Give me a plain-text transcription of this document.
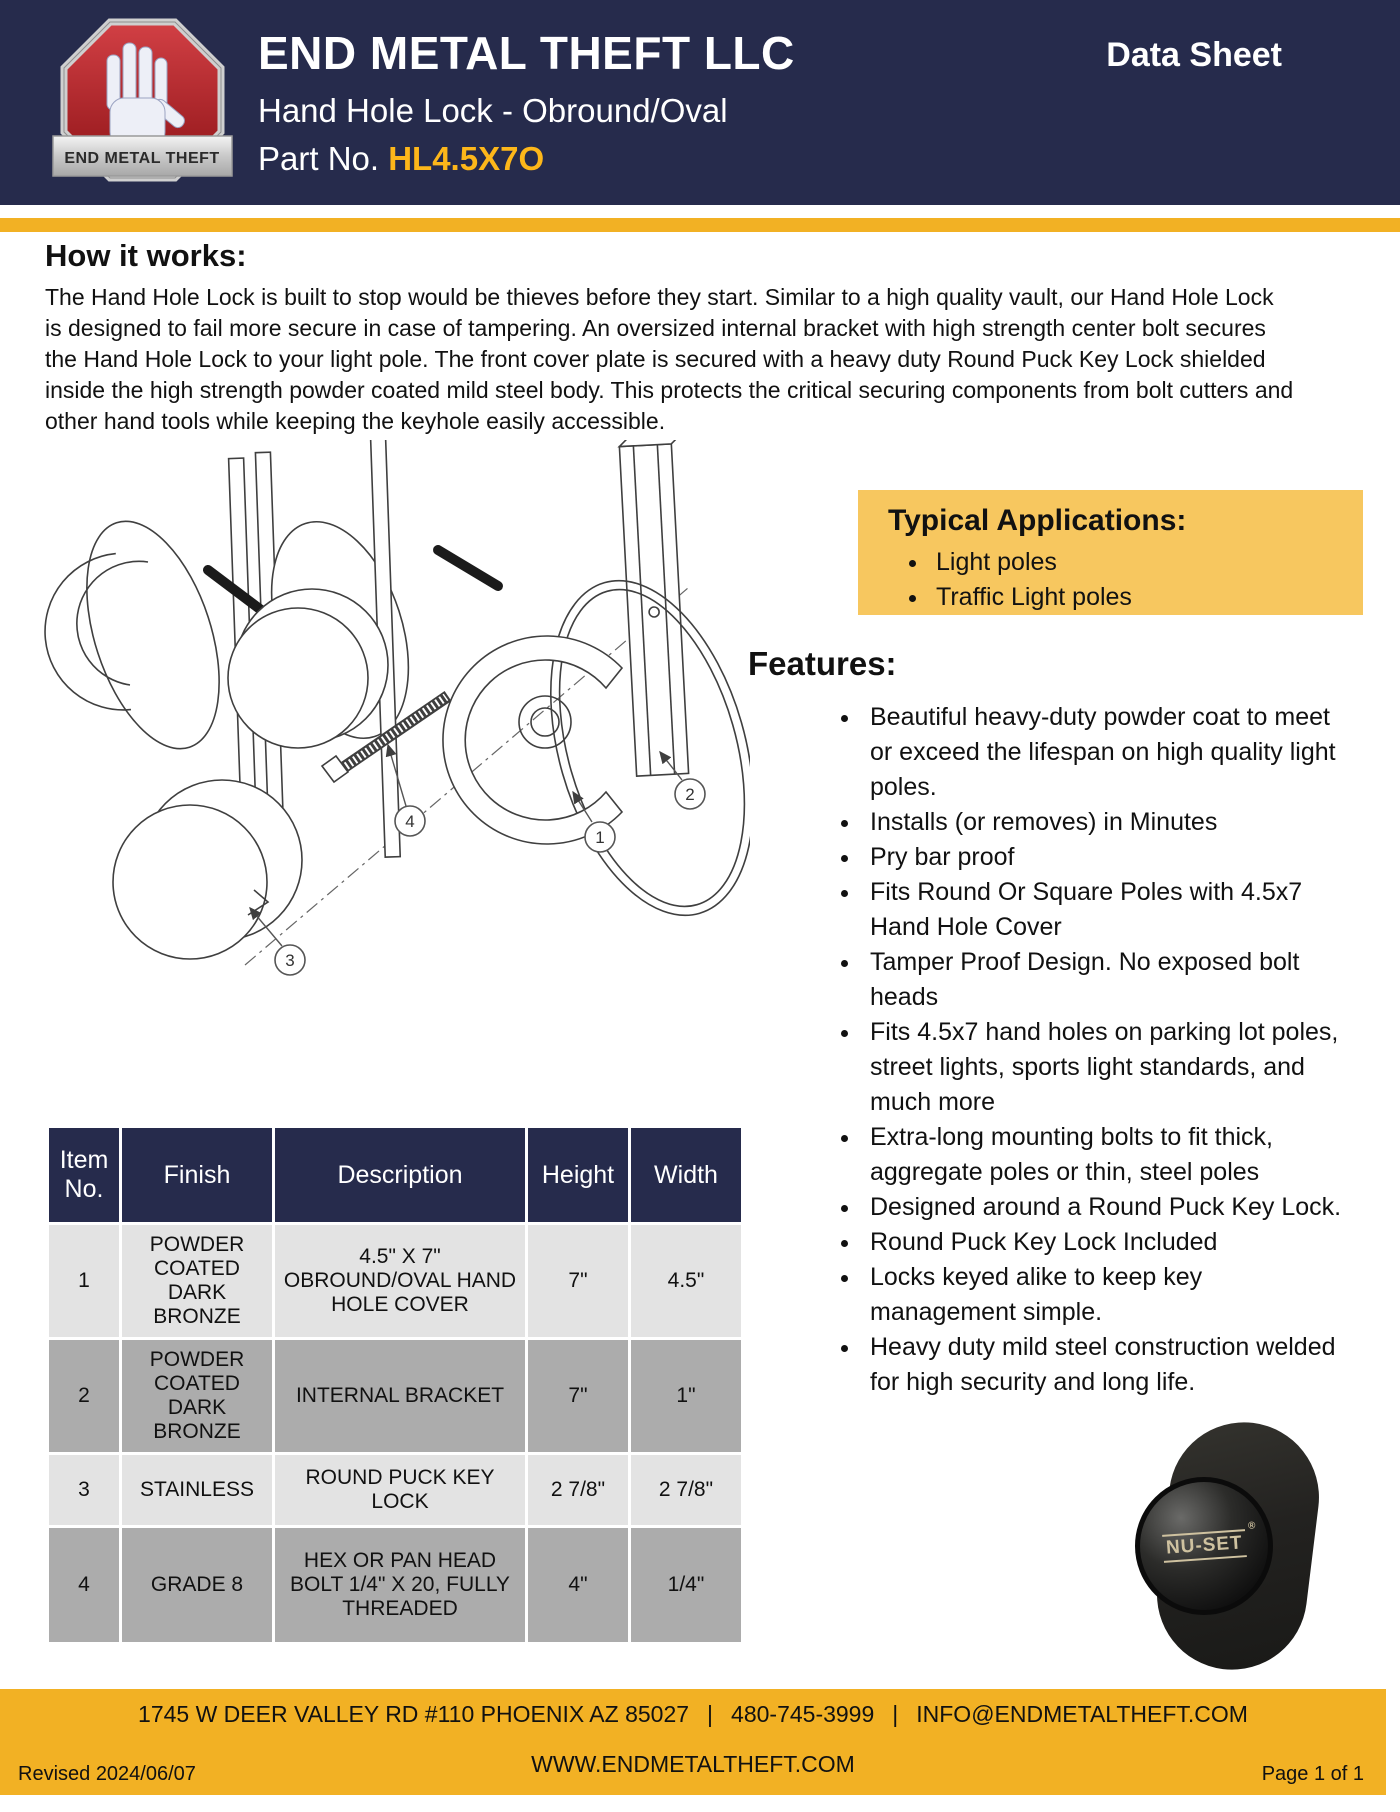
END METAL THEFT
END METAL THEFT LLC
Hand Hole Lock - Obround/Oval
Part No. HL4.5X7O
Data Sheet
How it works:
The Hand Hole Lock is built to stop would be thieves before they start. Similar to a high quality vault, our Hand Hole Lock is designed to fail more secure in case of tampering. An oversized internal bracket with high strength center bolt secures the Hand Hole Lock to your light pole. The front cover plate is secured with a heavy duty Round Puck Key Lock shielded inside the high strength powder coated mild steel body. This protects the critical securing components from bolt cutters and other hand tools while keeping the keyhole easily accessible.
1
2
3
4
Typical Applications:
• Light poles
• Traffic Light poles
Features:
• Beautiful heavy-duty powder coat to meet or exceed the lifespan on high quality light poles.
• Installs (or removes) in Minutes
• Pry bar proof
• Fits Round Or Square Poles with 4.5x7 Hand Hole Cover
• Tamper Proof Design. No exposed bolt heads
• Fits 4.5x7 hand holes on parking lot poles, street lights, sports light standards, and much more
• Extra-long mounting bolts to fit thick, aggregate poles or thin, steel poles
• Designed around a Round Puck Key Lock.
• Round Puck Key Lock Included
• Locks keyed alike to keep key management simple.
• Heavy duty mild steel construction welded for high security and long life.
Item No.	Finish	Description	Height	Width
1	POWDER COATED DARK BRONZE	4.5" X 7" OBROUND/OVAL HAND HOLE COVER	7"	4.5"
2	POWDER COATED DARK BRONZE	INTERNAL BRACKET	7"	1"
3	STAINLESS	ROUND PUCK KEY LOCK	2 7/8"	2 7/8"
4	GRADE 8	HEX OR PAN HEAD BOLT 1/4" X 20, FULLY THREADED	4"	1/4"
NU-SET
®
1745 W DEER VALLEY RD #110 PHOENIX AZ 85027 | 480-745-3999 | INFO@ENDMETALTHEFT.COM
WWW.ENDMETALTHEFT.COM
Revised 2024/06/07	Page 1 of 1
